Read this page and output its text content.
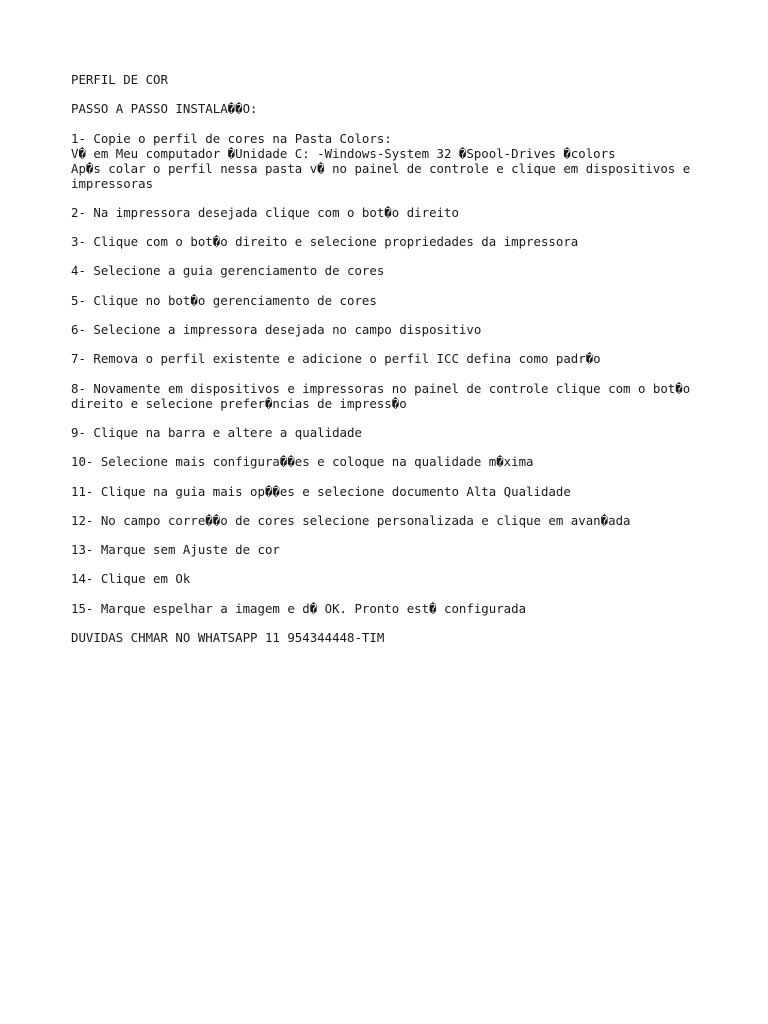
PERFIL DE COR

PASSO A PASSO INSTALA��O:

1- Copie o perfil de cores na Pasta Colors:
V� em Meu computador �Unidade C: -Windows-System 32 �Spool-Drives �colors
Ap�s colar o perfil nessa pasta v� no painel de controle e clique em dispositivos e
impressoras

2- Na impressora desejada clique com o bot�o direito

3- Clique com o bot�o direito e selecione propriedades da impressora

4- Selecione a guia gerenciamento de cores

5- Clique no bot�o gerenciamento de cores

6- Selecione a impressora desejada no campo dispositivo

7- Remova o perfil existente e adicione o perfil ICC defina como padr�o

8- Novamente em dispositivos e impressoras no painel de controle clique com o bot�o
direito e selecione prefer�ncias de impress�o

9- Clique na barra e altere a qualidade

10- Selecione mais configura��es e coloque na qualidade m�xima

11- Clique na guia mais op��es e selecione documento Alta Qualidade

12- No campo corre��o de cores selecione personalizada e clique em avan�ada

13- Marque sem Ajuste de cor

14- Clique em Ok

15- Marque espelhar a imagem e d� OK. Pronto est� configurada

DUVIDAS CHMAR NO WHATSAPP 11 954344448-TIM
